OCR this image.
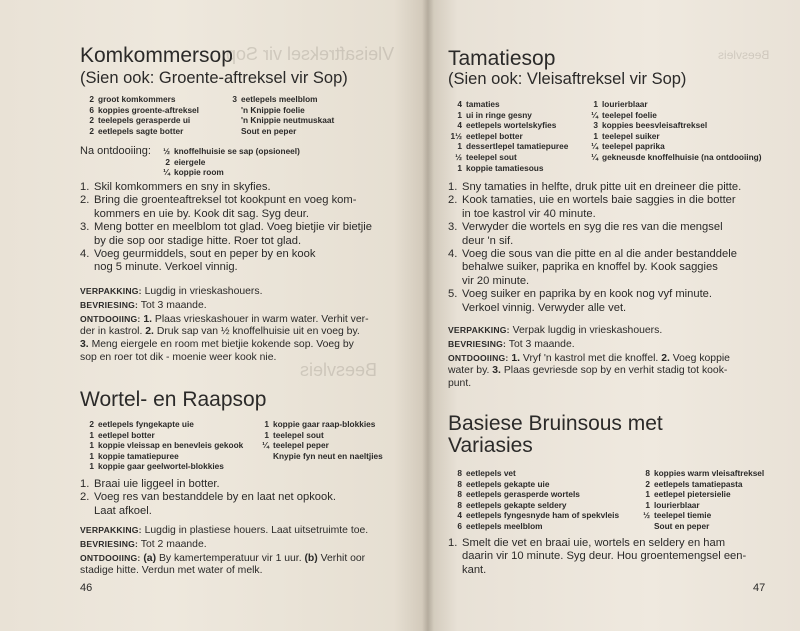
Vleisaftreksel vir Sop
Beesvleis
Komkommersop
(Sien ook: Groente-aftreksel vir Sop)
2 groot komkommers
6 koppies groente-aftreksel
2 teelepels gerasperde ui
2 eetlepels sagte botter
3 eetlepels meelblom
'n Knippie foelie
'n Knippie neutmuskaat
Sout en peper
Na ontdooiing:	½ knoffelhuisie se sap (opsioneel)
2 eiergele
¼ koppie room
1. Skil komkommers en sny in skyfies.
2. Bring die groenteaftreksel tot kookpunt en voeg kom-
kommers en uie by. Kook dit sag. Syg deur.
3. Meng botter en meelblom tot glad. Voeg bietjie vir bietjie
by die sop oor stadige hitte. Roer tot glad.
4. Voeg geurmiddels, sout en peper by en kook
nog 5 minute. Verkoel vinnig.
VERPAKKING: Lugdig in vrieskashouers.
BEVRIESING: Tot 3 maande.
ONTDOOIING: 1. Plaas vrieskashouer in warm water. Verhit ver-
der in kastrol. 2. Druk sap van ½ knoffelhuisie uit en voeg by.
3. Meng eiergele en room met bietjie kokende sop. Voeg by
sop en roer tot dik - moenie weer kook nie.
Wortel- en Raapsop
2 eetlepels fyngekapte uie
1 eetlepel botter
1 koppie vleissap en benevleis gekook
1 koppie tamatiepuree
1 koppie gaar geelwortel-blokkies
1 koppie gaar raap-blokkies
1 teelepel sout
¼ teelepel peper
Knypie fyn neut en naeltjies
1. Braai uie liggeel in botter.
2. Voeg res van bestanddele by en laat net opkook.
Laat afkoel.
VERPAKKING: Lugdig in plastiese houers. Laat uitsetruimte toe.
BEVRIESING: Tot 2 maande.
ONTDOOIING: (a) By kamertemperatuur vir 1 uur. (b) Verhit oor
stadige hitte. Verdun met water of melk.
46
Beesvleis
Tamatiesop
(Sien ook: Vleisaftreksel vir Sop)
4 tamaties
1 ui in ringe gesny
4 eetlepels wortelskyfies
1½ eetlepel botter
1 dessertlepel tamatiepuree
½ teelepel sout
1 koppie tamatiesous
1 lourierblaar
¼ teelepel foelie
3 koppies beesvleisaftreksel
1 teelepel suiker
¼ teelepel paprika
¼ gekneusde knoffelhuisie (na ontdooiing)
1. Sny tamaties in helfte, druk pitte uit en dreineer die pitte.
2. Kook tamaties, uie en wortels baie saggies in die botter
in toe kastrol vir 40 minute.
3. Verwyder die wortels en syg die res van die mengsel
deur 'n sif.
4. Voeg die sous van die pitte en al die ander bestanddele
behalwe suiker, paprika en knoffel by. Kook saggies
vir 20 minute.
5. Voeg suiker en paprika by en kook nog vyf minute.
Verkoel vinnig. Verwyder alle vet.
VERPAKKING: Verpak lugdig in vrieskashouers.
BEVRIESING: Tot 3 maande.
ONTDOOIING: 1. Vryf 'n kastrol met die knoffel. 2. Voeg koppie
water by. 3. Plaas gevriesde sop by en verhit stadig tot kook-
punt.
Basiese Bruinsous met
Variasies
8 eetlepels vet
8 eetlepels gekapte uie
8 eetlepels gerasperde wortels
8 eetlepels gekapte seldery
4 eetlepels fyngesnyde ham of spekvleis
6 eetlepels meelblom
8 koppies warm vleisaftreksel
2 eetlepels tamatiepasta
1 eetlepel pietersielie
1 lourierblaar
½ teelepel tiemie
Sout en peper
1. Smelt die vet en braai uie, wortels en seldery en ham
daarin vir 10 minute. Syg deur. Hou groentemengsel een-
kant.
47
